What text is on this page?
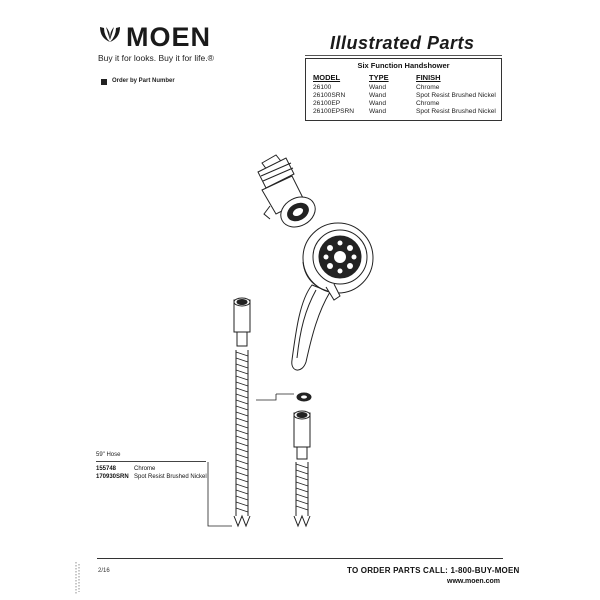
MOEN
Buy it for looks. Buy it for life.®
Order by Part Number
Illustrated Parts
Six Function Handshower
MODEL	TYPE	FINISH
26100	Wand	Chrome
26100SRN	Wand	Spot Resist Brushed Nickel
26100EP	Wand	Chrome
26100EPSRN Wand	Spot Resist Brushed Nickel
59" Hose
155748	Chrome
170930SRN Spot Resist Brushed Nickel
2/16	TO ORDER PARTS CALL: 1-800-BUY-MOEN
www.moen.com
